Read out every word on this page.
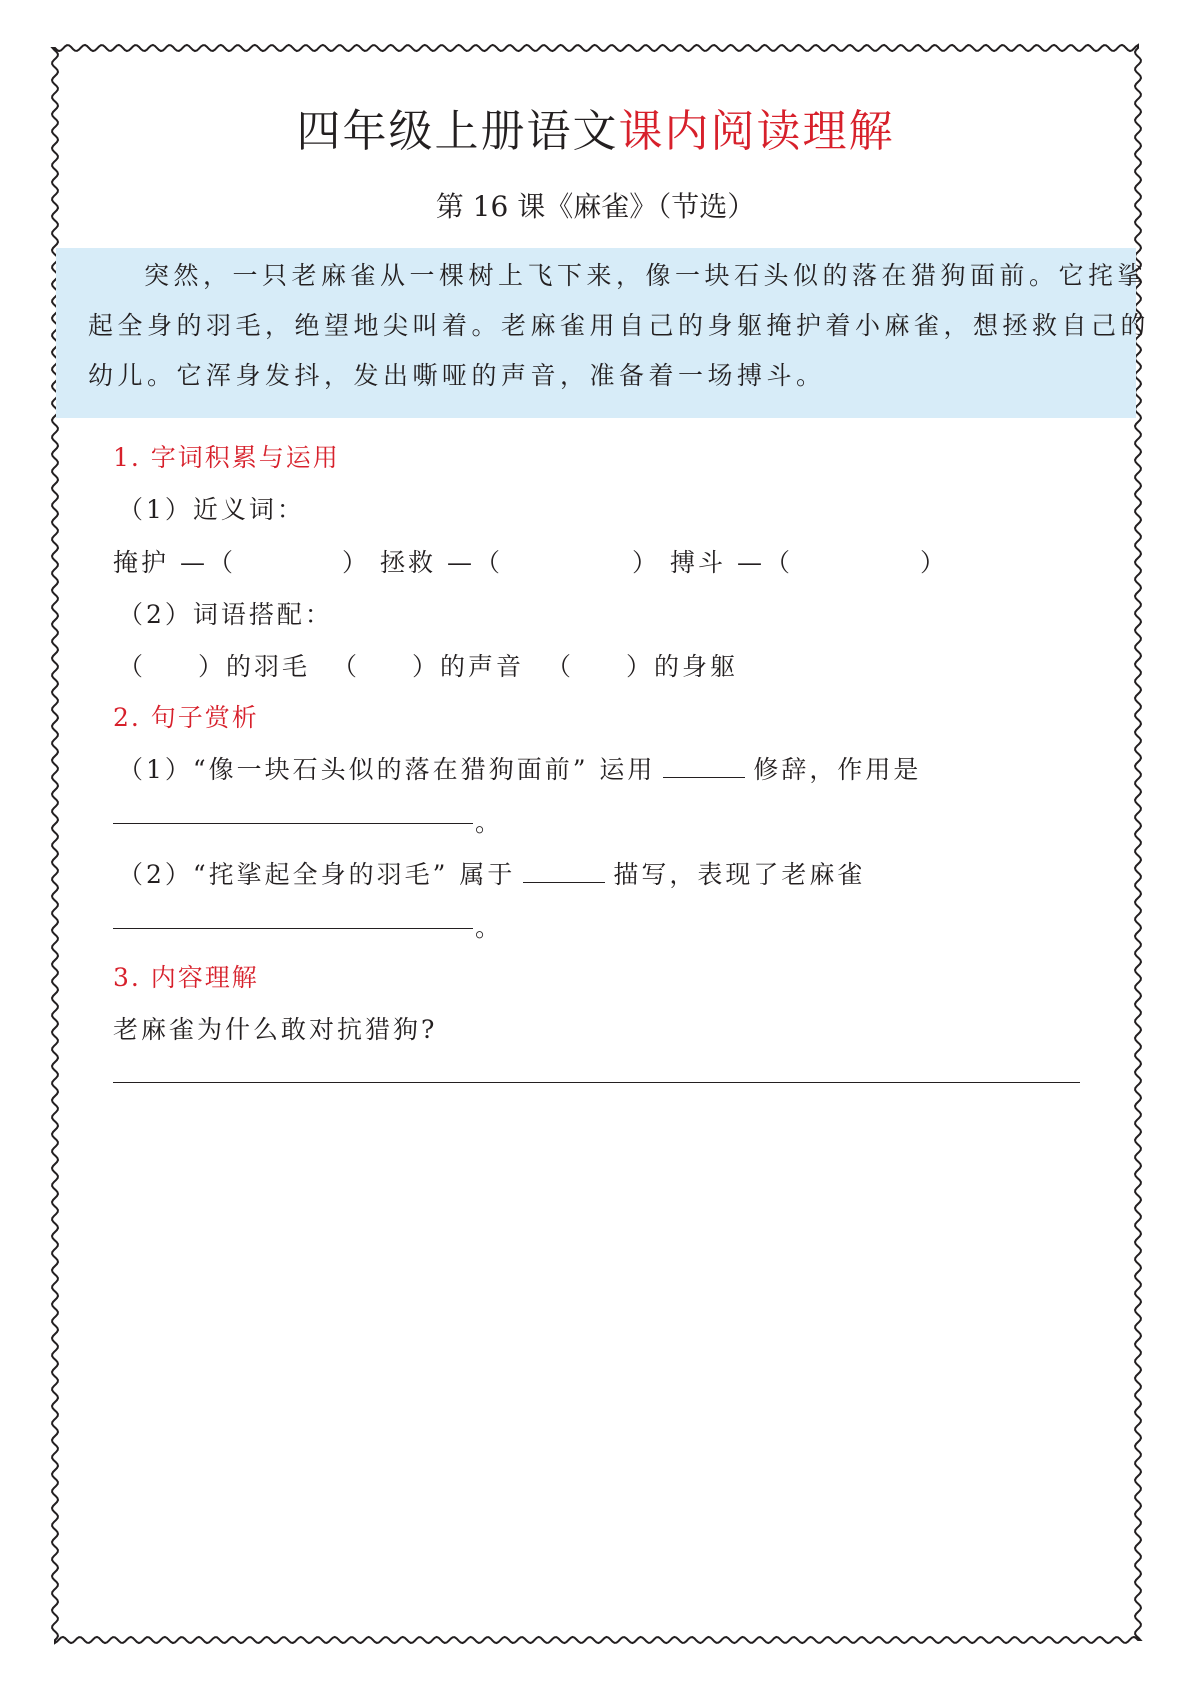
四年级上册语文课内阅读理解
第 16 课《麻雀》（节选）
突然，一只老麻雀从一棵树上飞下来，像一块石头似的落在猎狗面前。它挓挲
起全身的羽毛，绝望地尖叫着。老麻雀用自己的身躯掩护着小麻雀，想拯救自己的
幼儿。它浑身发抖，发出嘶哑的声音，准备着一场搏斗。
1. 字词积累与运用
（1）近义词：
掩护 —（	） 拯救 —（	） 搏斗 —（	）
（2）词语搭配：
（ ）的羽毛 （ ）的声音 （ ）的身躯
2. 句子赏析
（1）“像一块石头似的落在猎狗面前” 运用	修辞，作用是
。
（2）“挓挲起全身的羽毛” 属于	描写，表现了老麻雀
。
3. 内容理解
老麻雀为什么敢对抗猎狗?
